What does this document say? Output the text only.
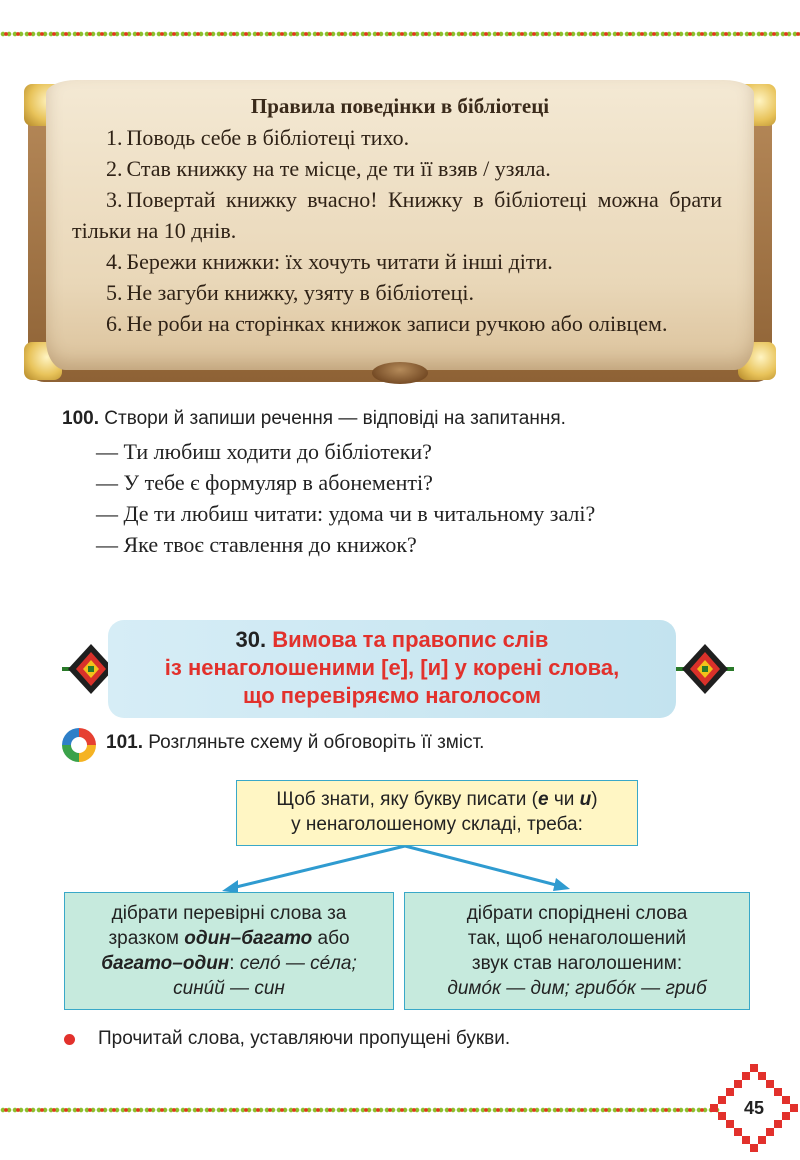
Правила поведінки в бібліотеці
1. Поводь себе в бібліотеці тихо.
2. Став книжку на те місце, де ти її взяв / узяла.
3. Повертай книжку вчасно! Книжку в бібліотеці можна брати тільки на 10 днів.
4. Бережи книжки: їх хочуть читати й інші діти.
5. Не загуби книжку, узяту в бібліотеці.
6. Не роби на сторінках книжок записи ручкою або олівцем.
100. Створи й запиши речення — відповіді на запитання.
— Ти любиш ходити до бібліотеки?
— У тебе є формуляр в абонементі?
— Де ти любиш читати: удома чи в читальному залі?
— Яке твоє ставлення до книжок?
30. Вимова та правопис слів
із ненаголошеними [е], [и] у корені слова,
що перевіряємо наголосом
101. Розгляньте схему й обговоріть її зміст.
Щоб знати, яку букву писати (е чи и)
у ненаголошеному складі, треба:
дібрати перевірні слова за
зразком один–багато або
багато–один: селó — сéла;
синúй — син
дібрати споріднені слова
так, щоб ненаголошений
звук став наголошеним:
димóк — дим; грибóк — гриб
Прочитай слова, уставляючи пропущені букви.
45
